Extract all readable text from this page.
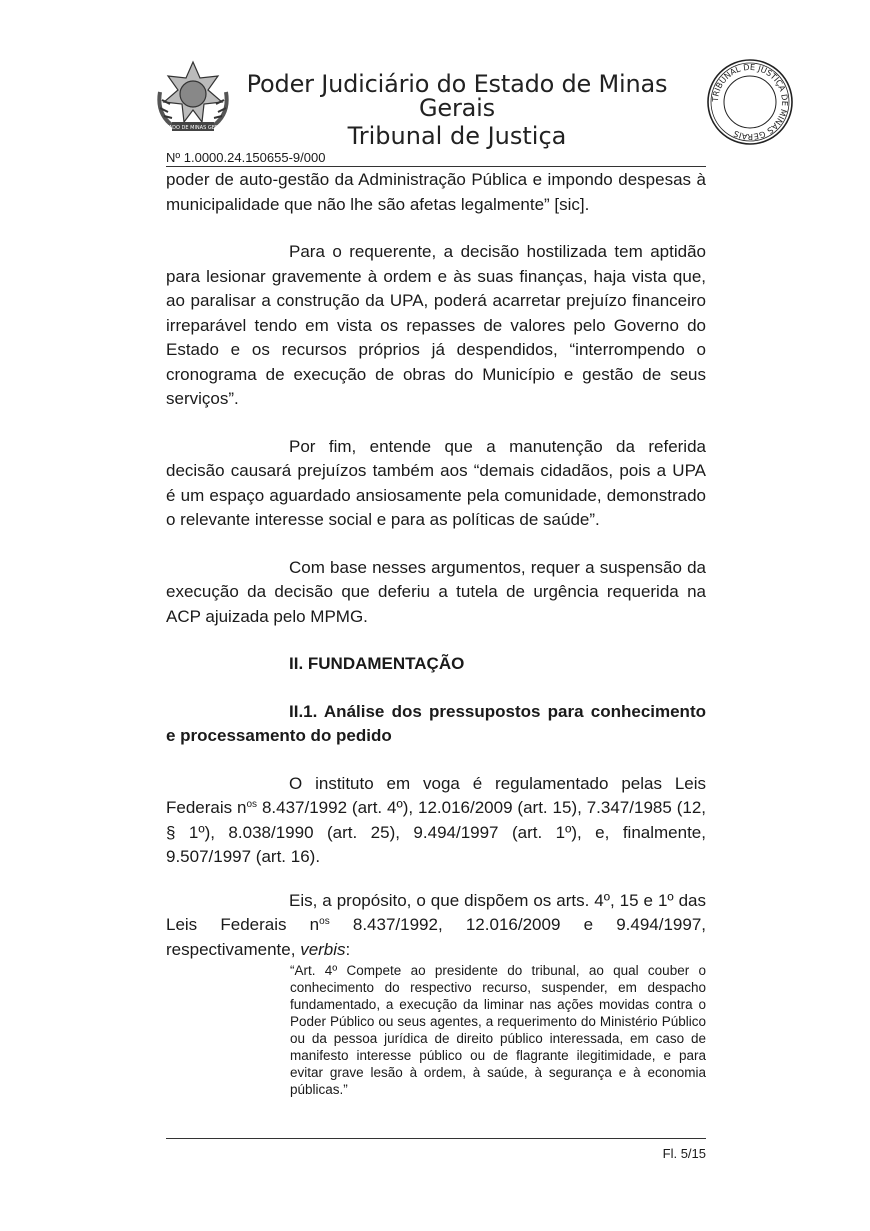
ESTADO DE MINAS GERAIS
Poder Judiciário do Estado de Minas Gerais
Tribunal de Justiça
TRIBUNAL DE JUSTIÇA DE MINAS GERAIS
Nº 1.0000.24.150655-9/000

poder de auto-gestão da Administração Pública e impondo despesas à municipalidade que não lhe são afetas legalmente” [sic].

Para o requerente, a decisão hostilizada tem aptidão para lesionar gravemente à ordem e às suas finanças, haja vista que, ao paralisar a construção da UPA, poderá acarretar prejuízo financeiro irreparável tendo em vista os repasses de valores pelo Governo do Estado e os recursos próprios já despendidos, “interrompendo o cronograma de execução de obras do Município e gestão de seus serviços”.

Por fim, entende que a manutenção da referida decisão causará prejuízos também aos “demais cidadãos, pois a UPA é um espaço aguardado ansiosamente pela comunidade, demonstrado o relevante interesse social e para as políticas de saúde”.

Com base nesses argumentos, requer a suspensão da execução da decisão que deferiu a tutela de urgência requerida na ACP ajuizada pelo MPMG.

II. FUNDAMENTAÇÃO

II.1. Análise dos pressupostos para conhecimento e processamento do pedido

O instituto em voga é regulamentado pelas Leis Federais $n^{os}$ 8.437/1992 (art. 4º), 12.016/2009 (art. 15), 7.347/1985 (12, § 1º), 8.038/1990 (art. 25), 9.494/1997 (art. 1º), e, finalmente, 9.507/1997 (art. 16).

Eis, a propósito, o que dispõem os arts. 4º, 15 e 1º das Leis Federais $n^{os}$ 8.437/1992, 12.016/2009 e 9.494/1997, respectivamente, verbis:

“Art. 4º Compete ao presidente do tribunal, ao qual couber o conhecimento do respectivo recurso, suspender, em despacho fundamentado, a execução da liminar nas ações movidas contra o Poder Público ou seus agentes, a requerimento do Ministério Público ou da pessoa jurídica de direito público interessada, em caso de manifesto interesse público ou de flagrante ilegitimidade, e para evitar grave lesão à ordem, à saúde, à segurança e à economia públicas.”

Fl. 5/15
